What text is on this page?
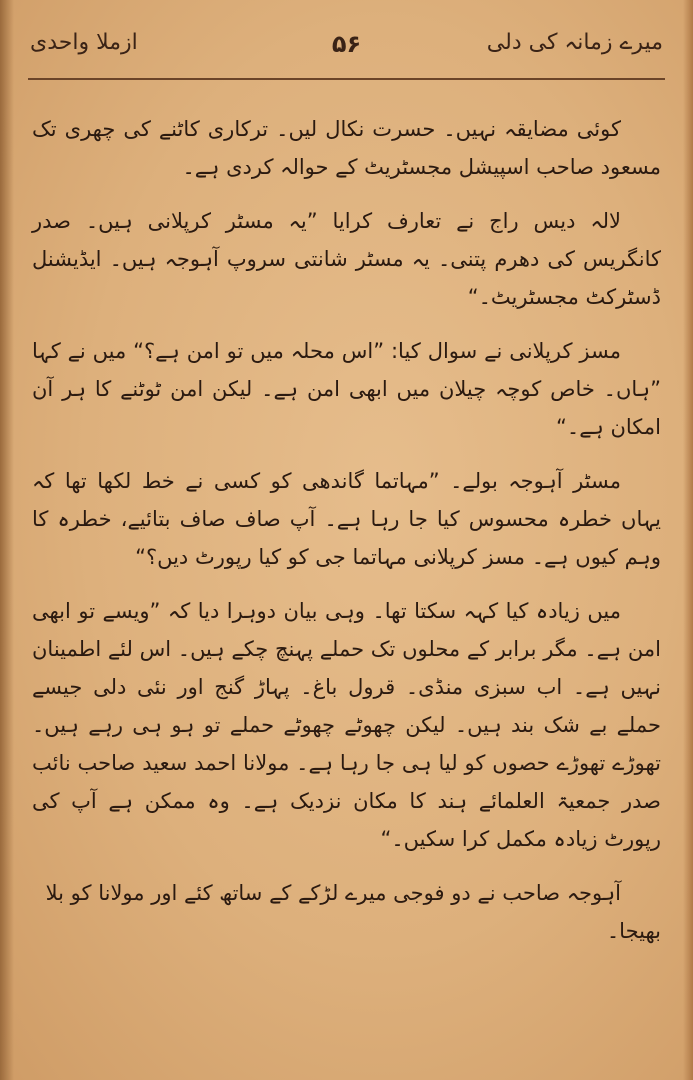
میرے زمانہ کی دلی
۵۶
ازملا واحدی

کوئی مضایقہ نہیں۔ حسرت نکال لیں۔ ترکاری کاٹنے کی چھری تک مسعود صاحب اسپیشل مجسٹریٹ کے حوالہ کردی ہے۔

لالہ دیس راج نے تعارف کرایا ”یہ مسٹر کرپلانی ہیں۔ صدر کانگریس کی دھرم پتنی۔ یہ مسٹر شانتی سروپ آہوجہ ہیں۔ ایڈیشنل ڈسٹرکٹ مجسٹریٹ۔“

مسز کرپلانی نے سوال کیا: ”اس محلہ میں تو امن ہے؟“ میں نے کہا ”ہاں۔ خاص کوچہ چیلان میں ابھی امن ہے۔ لیکن امن ٹوٹنے کا ہر آن امکان ہے۔“

مسٹر آہوجہ بولے۔ ”مہاتما گاندھی کو کسی نے خط لکھا تھا کہ یہاں خطرہ محسوس کیا جا رہا ہے۔ آپ صاف صاف بتائیے، خطرہ کا وہم کیوں ہے۔ مسز کرپلانی مہاتما جی کو کیا رپورٹ دیں؟“

میں زیادہ کیا کہہ سکتا تھا۔ وہی بیان دوہرا دیا کہ ”ویسے تو ابھی امن ہے۔ مگر برابر کے محلوں تک حملے پہنچ چکے ہیں۔ اس لئے اطمینان نہیں ہے۔ اب سبزی منڈی۔ قرول باغ۔ پہاڑ گنج اور نئی دلی جیسے حملے بے شک بند ہیں۔ لیکن چھوٹے چھوٹے حملے تو ہو ہی رہے ہیں۔ تھوڑے تھوڑے حصوں کو لیا ہی جا رہا ہے۔ مولانا احمد سعید صاحب نائب صدر جمعیۃ العلمائے ہند کا مکان نزدیک ہے۔ وہ ممکن ہے آپ کی رپورٹ زیادہ مکمل کرا سکیں۔“

آہوجہ صاحب نے دو فوجی میرے لڑکے کے ساتھ کئے اور مولانا کو بلا بھیجا۔
